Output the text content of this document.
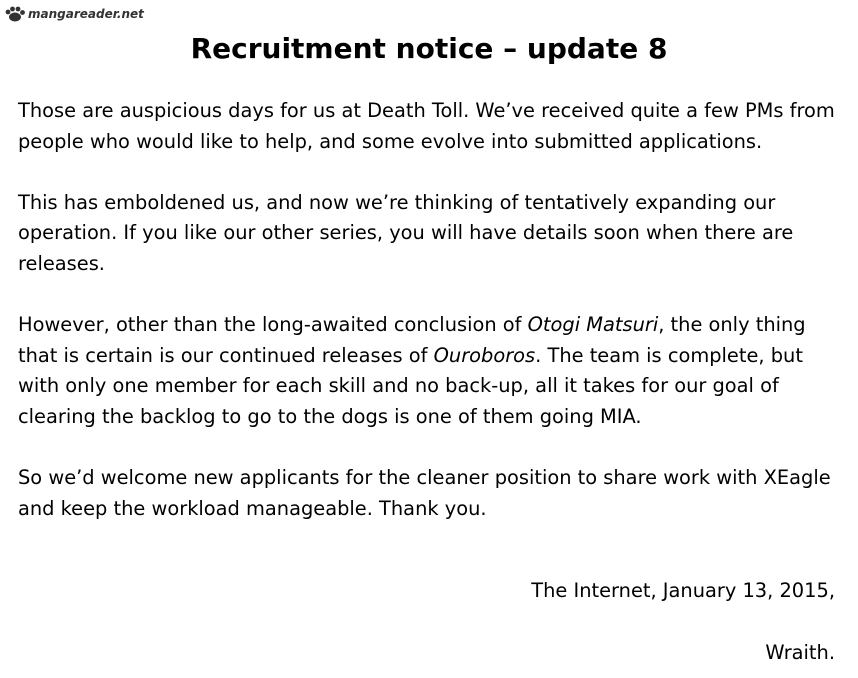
mangareader.net
Recruitment notice – update 8

Those are auspicious days for us at Death Toll. We’ve received quite a few PMs from people who would like to help, and some evolve into submitted applications.

This has emboldened us, and now we’re thinking of tentatively expanding our operation. If you like our other series, you will have details soon when there are releases.

However, other than the long-awaited conclusion of Otogi Matsuri, the only thing that is certain is our continued releases of Ouroboros. The team is complete, but with only one member for each skill and no back-up, all it takes for our goal of clearing the backlog to go to the dogs is one of them going MIA.

So we’d welcome new applicants for the cleaner position to share work with XEagle and keep the workload manageable. Thank you.

The Internet, January 13, 2015,

Wraith.
